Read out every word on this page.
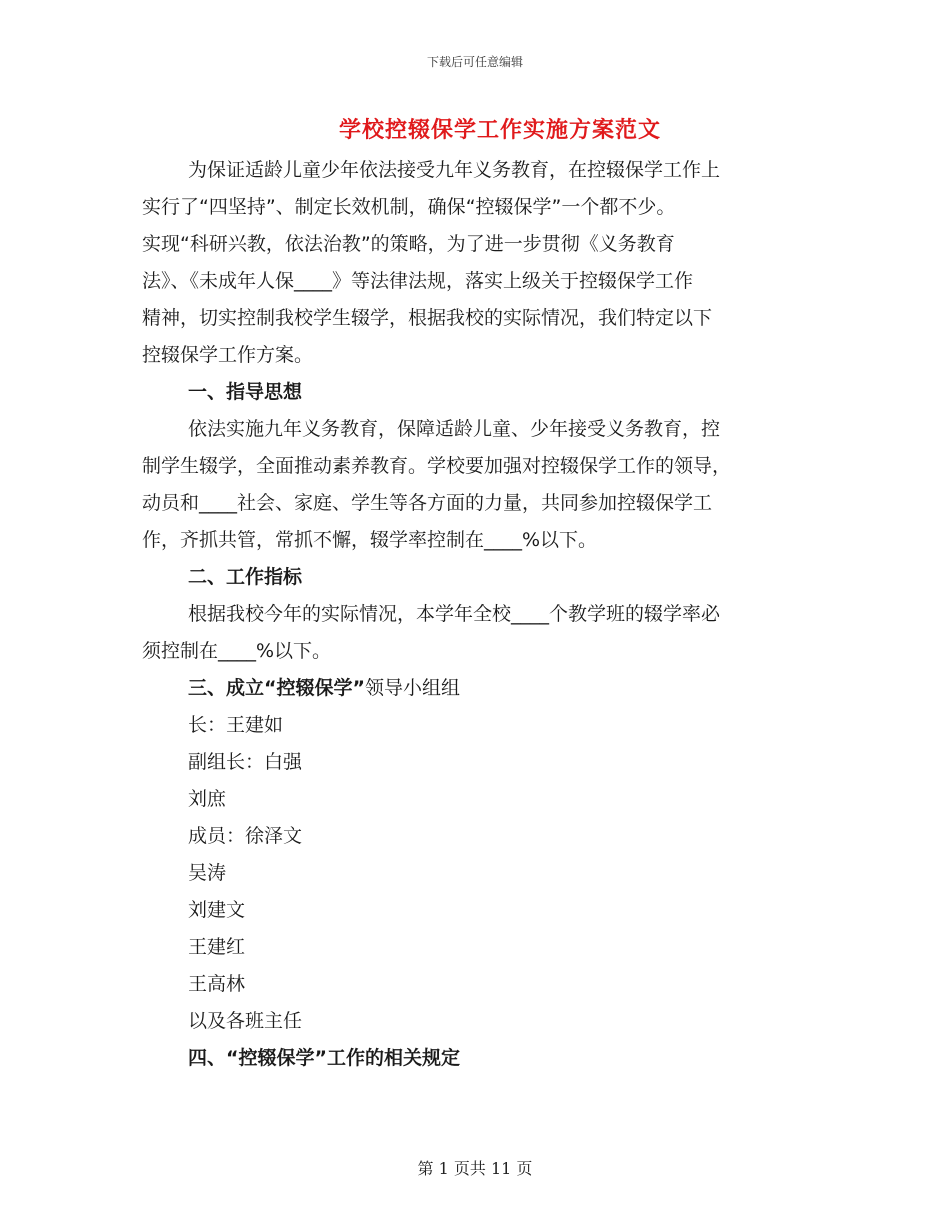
下载后可任意编辑
学校控辍保学工作实施方案范文
为保证适龄儿童少年依法接受九年义务教育，在控辍保学工作上
实行了“四坚持”、制定长效机制，确保“控辍保学”一个都不少。
实现“科研兴教，依法治教”的策略，为了进一步贯彻《义务教育
法》、《未成年人保____》等法律法规，落实上级关于控辍保学工作
精神，切实控制我校学生辍学，根据我校的实际情况，我们特定以下
控辍保学工作方案。
一、指导思想
依法实施九年义务教育，保障适龄儿童、少年接受义务教育，控
制学生辍学，全面推动素养教育。学校要加强对控辍保学工作的领导，
动员和____社会、家庭、学生等各方面的力量，共同参加控辍保学工
作，齐抓共管，常抓不懈，辍学率控制在____%以下。
二、工作指标
根据我校今年的实际情况，本学年全校____个教学班的辍学率必
须控制在____%以下。
三、成立“控辍保学”领导小组组
长：王建如
副组长：白强
刘庶
成员：徐泽文
吴涛
刘建文
王建红
王高林
以及各班主任
四、“控辍保学”工作的相关规定
第 1 页共 11 页
